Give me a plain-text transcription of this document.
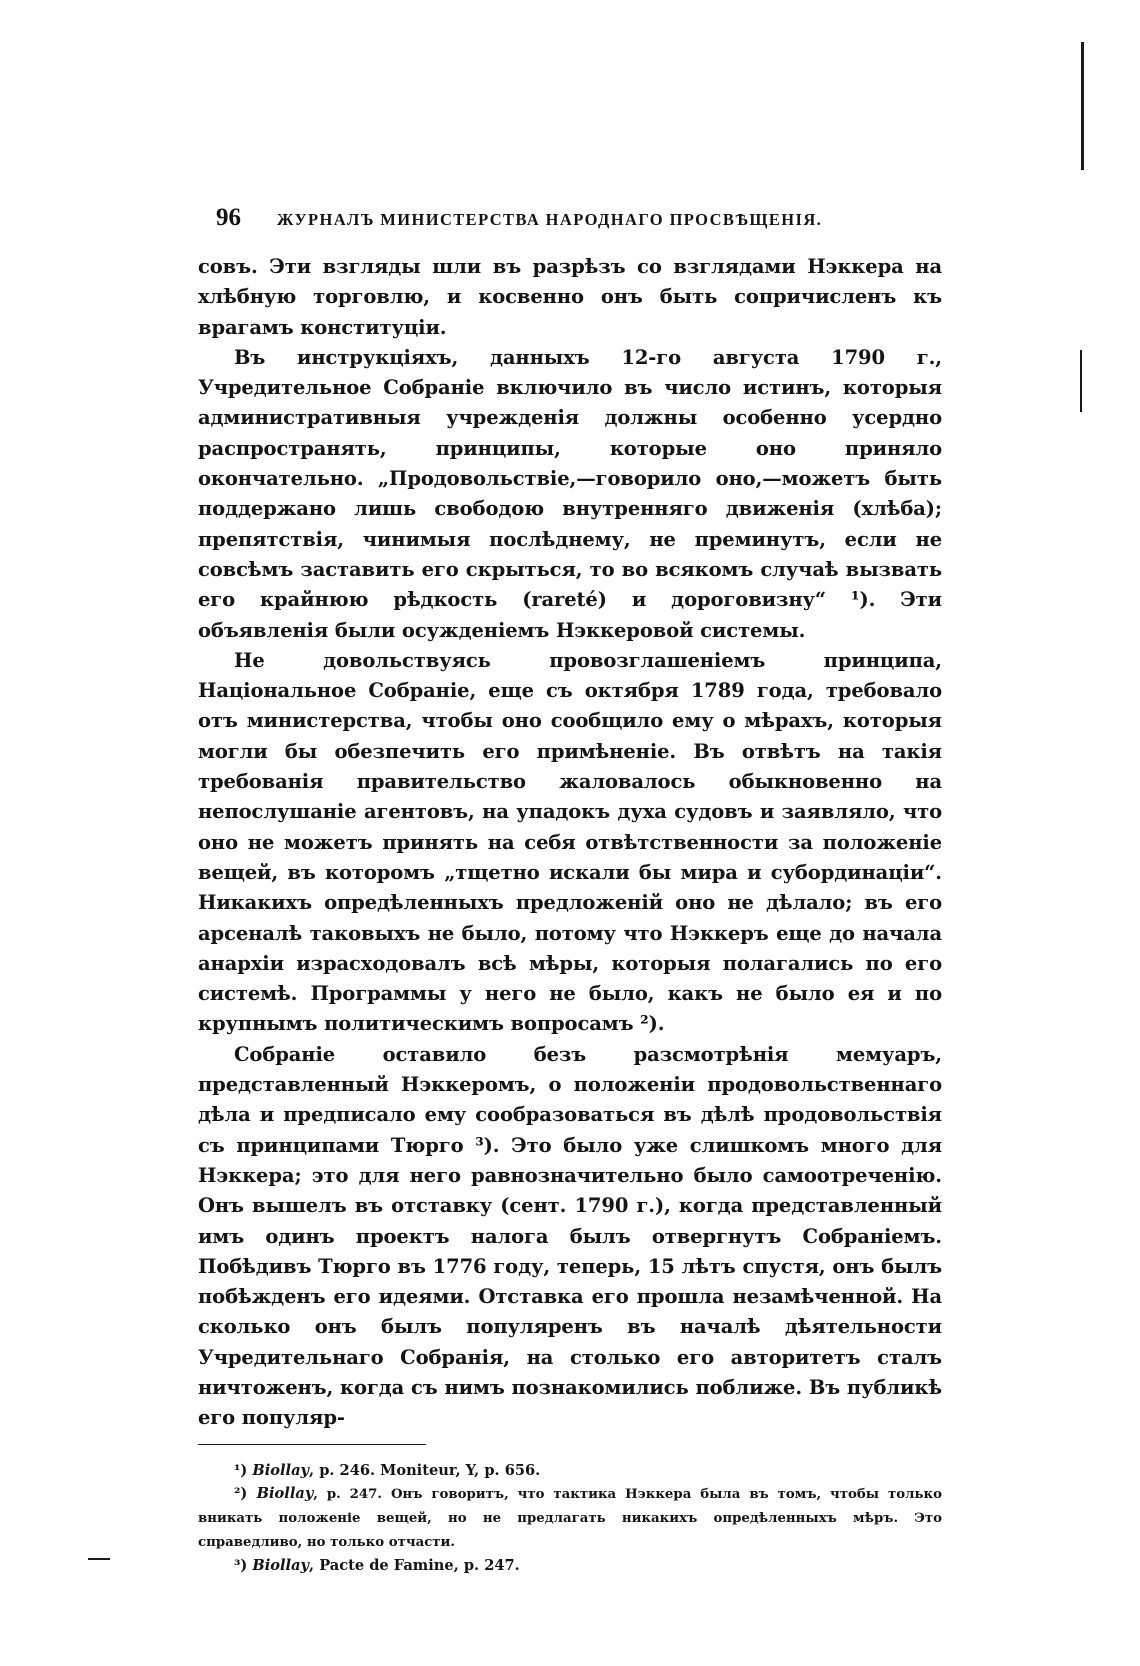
96 ЖУРНАЛЪ МИНИСТЕРСТВА НАРОДНАГО ПРОСВѢЩЕНІЯ.

совъ. Эти взгляды шли въ разрѣзъ со взглядами Нэккера на хлѣбную торговлю, и косвенно онъ быть сопричисленъ къ врагамъ конституціи.

Въ инструкціяхъ, данныхъ 12-го августа 1790 г., Учредительное Собраніе включило въ число истинъ, которыя административныя учрежденія должны особенно усердно распространять, принципы, которые оно приняло окончательно. „Продовольствіе,—говорило оно,—можетъ быть поддержано лишь свободою внутренняго движенія (хлѣба); препятствія, чинимыя послѣднему, не преминутъ, если не совсѣмъ заставить его скрыться, то во всякомъ случаѣ вызвать его крайнюю рѣдкость (rareté) и дороговизну“ ¹). Эти объявленія были осужденіемъ Нэккеровой системы.

Не довольствуясь провозглашеніемъ принципа, Національное Собраніе, еще съ октября 1789 года, требовало отъ министерства, чтобы оно сообщило ему о мѣрахъ, которыя могли бы обезпечить его примѣненіе. Въ отвѣтъ на такія требованія правительство жаловалось обыкновенно на непослушаніе агентовъ, на упадокъ духа судовъ и заявляло, что оно не можетъ принять на себя отвѣтственности за положеніе вещей, въ которомъ „тщетно искали бы мира и субординаціи“. Никакихъ опредѣленныхъ предложеній оно не дѣлало; въ его арсеналѣ таковыхъ не было, потому что Нэккеръ еще до начала анархіи израсходовалъ всѣ мѣры, которыя полагались по его системѣ. Программы у него не было, какъ не было ея и по крупнымъ политическимъ вопросамъ ²).

Собраніе оставило безъ разсмотрѣнія мемуаръ, представленный Нэккеромъ, о положеніи продовольственнаго дѣла и предписало ему сообразоваться въ дѣлѣ продовольствія съ принципами Тюрго ³). Это было уже слишкомъ много для Нэккера; это для него равнозначительно было самоотреченію. Онъ вышелъ въ отставку (сент. 1790 г.), когда представленный имъ одинъ проектъ налога былъ отвергнутъ Собраніемъ. Побѣдивъ Тюрго въ 1776 году, теперь, 15 лѣтъ спустя, онъ былъ побѣжденъ его идеями. Отставка его прошла незамѣченной. На сколько онъ былъ популяренъ въ началѣ дѣятельности Учредительнаго Собранія, на столько его авторитетъ сталъ ничтоженъ, когда съ нимъ познакомились поближе. Въ публикѣ его популяр-

¹) Biollay, p. 246. Moniteur, Y, p. 656.

²) Biollay, p. 247. Онъ говоритъ, что тактика Нэккера была въ томъ, чтобы только вникать положеніе вещей, но не предлагать никакихъ опредѣленныхъ мѣръ. Это справедливо, но только отчасти.

³) Biollay, Pacte de Famine, p. 247.
